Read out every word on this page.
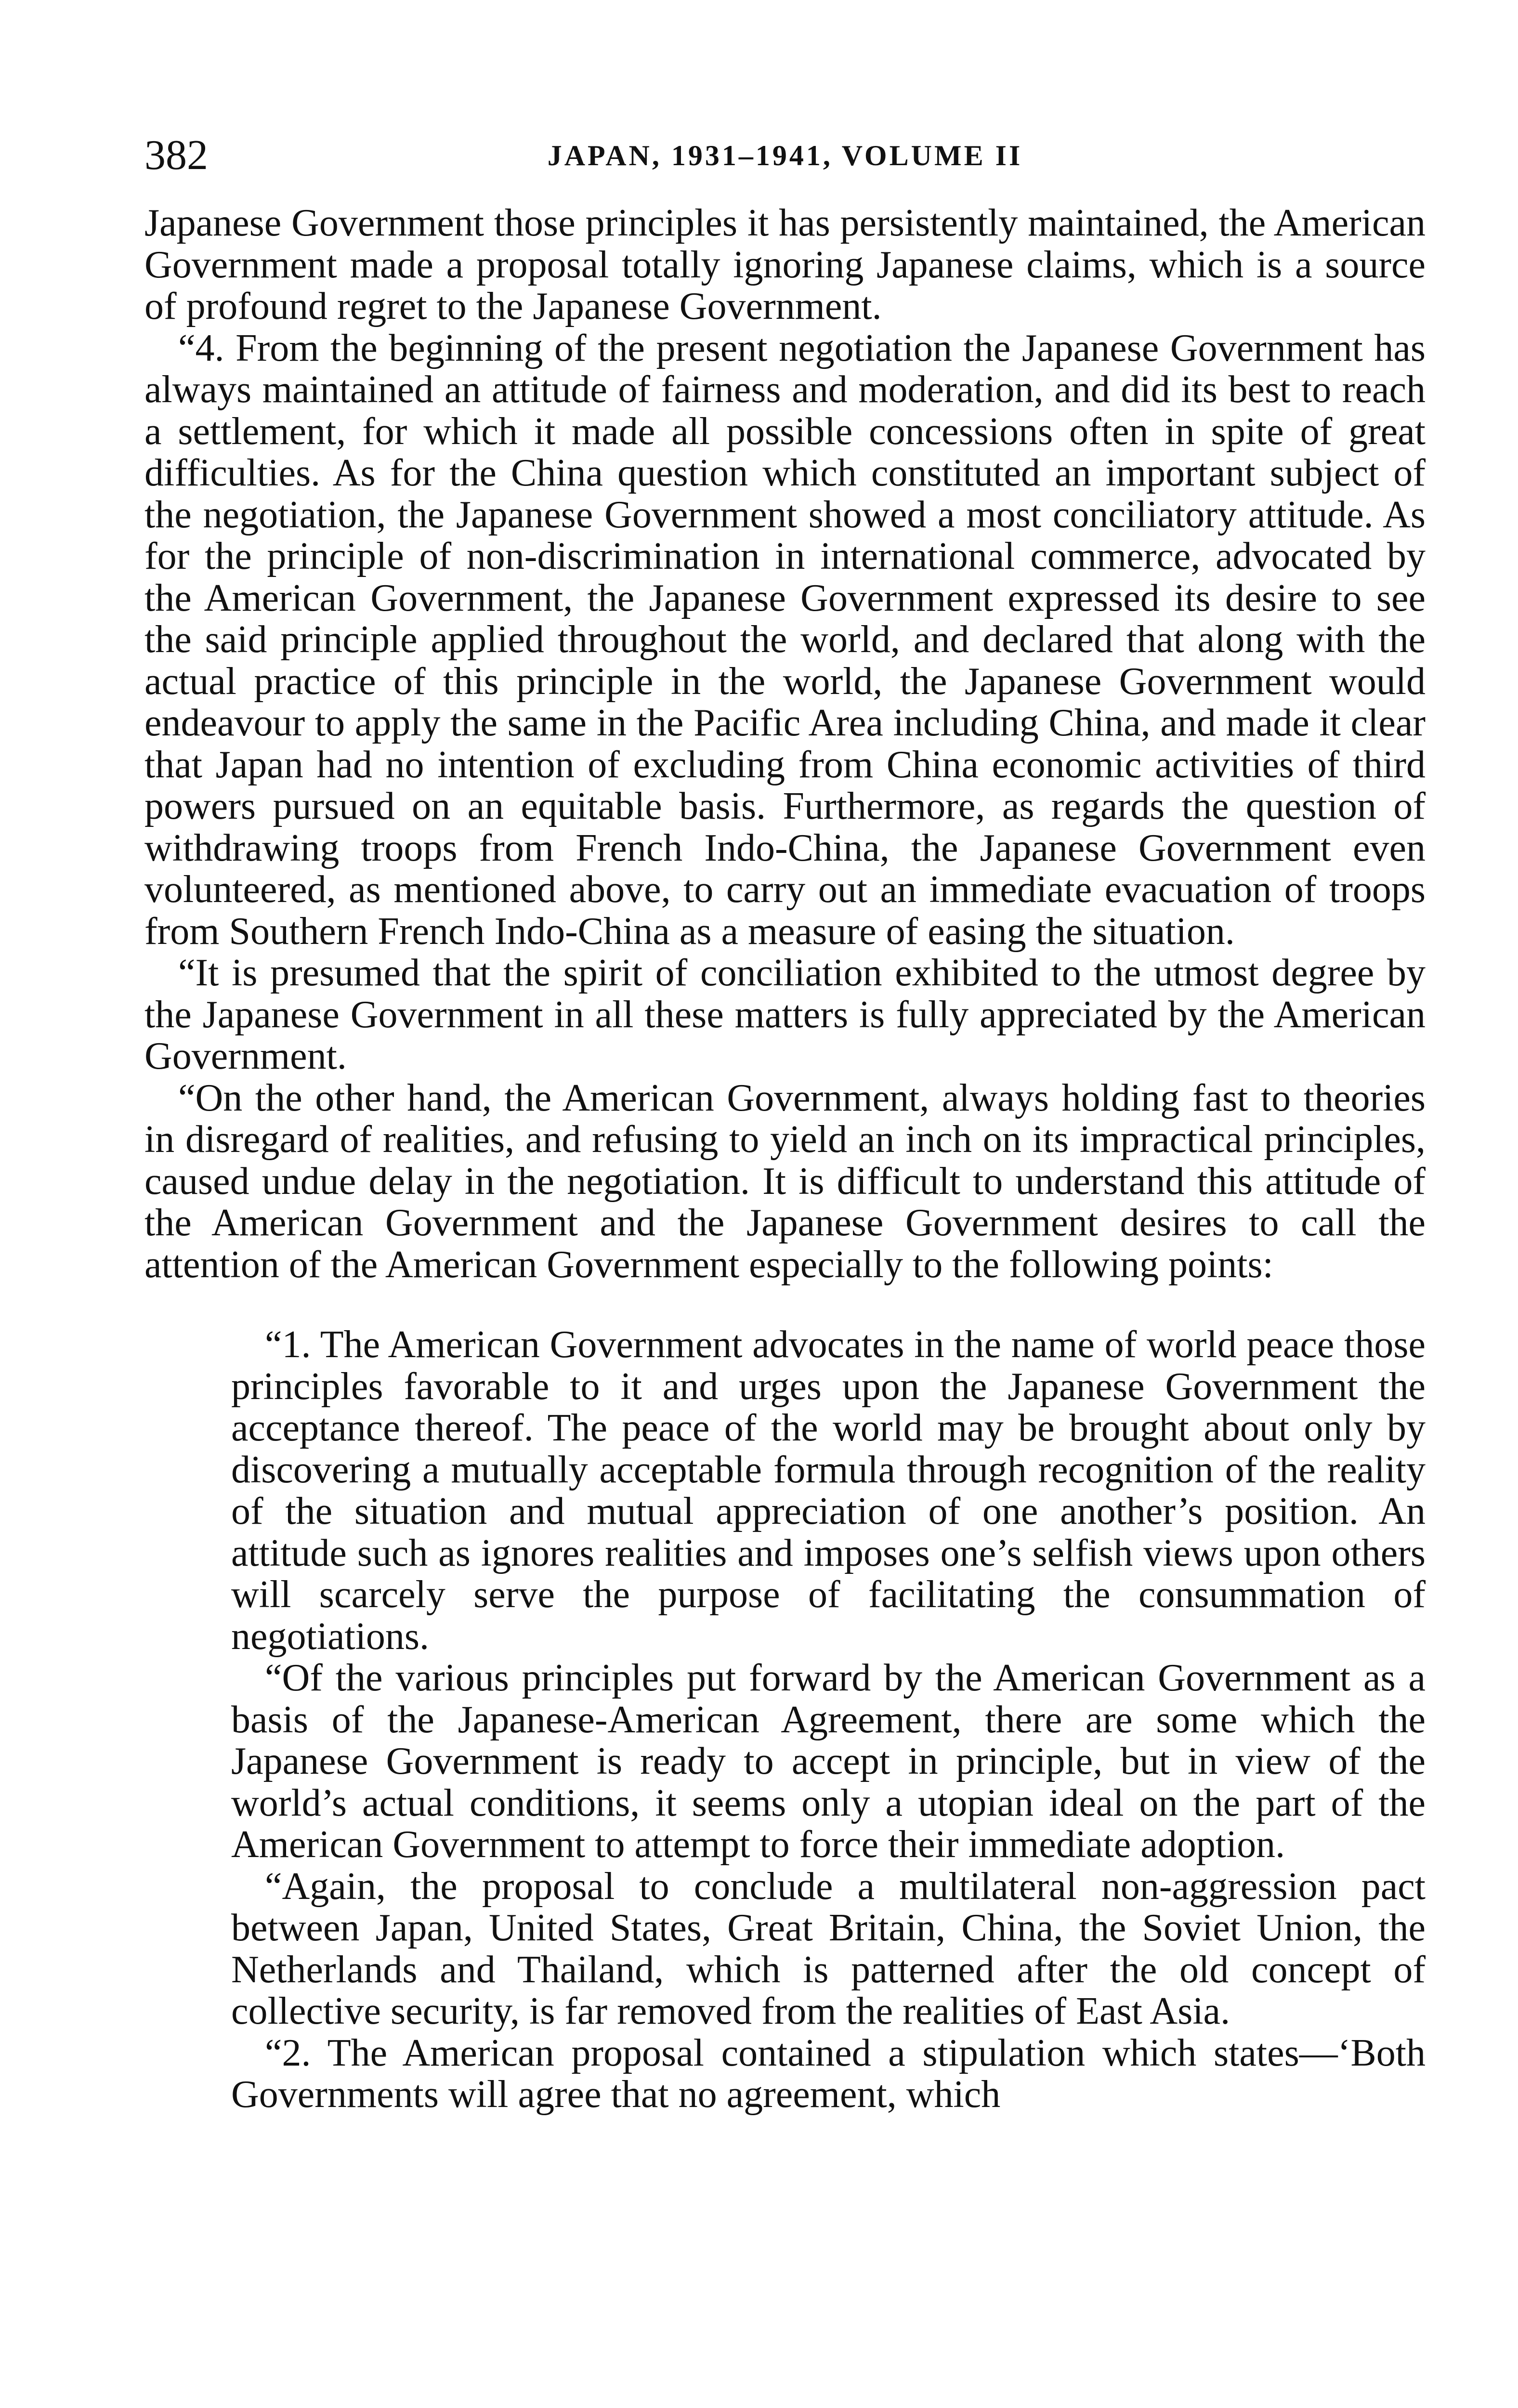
382	JAPAN, 1931–1941, VOLUME II

Japanese Government those principles it has persistently maintained, the American Government made a proposal totally ignoring Japanese claims, which is a source of profound regret to the Japanese Government.

“4. From the beginning of the present negotiation the Japanese Government has always maintained an attitude of fairness and moderation, and did its best to reach a settlement, for which it made all possible concessions often in spite of great difficulties. As for the China question which constituted an important subject of the negotiation, the Japanese Government showed a most conciliatory attitude. As for the principle of non-discrimination in international commerce, advocated by the American Government, the Japanese Government expressed its desire to see the said principle applied throughout the world, and declared that along with the actual practice of this principle in the world, the Japanese Government would endeavour to apply the same in the Pacific Area including China, and made it clear that Japan had no intention of excluding from China economic activities of third powers pursued on an equitable basis. Furthermore, as regards the question of withdrawing troops from French Indo-China, the Japanese Government even volunteered, as mentioned above, to carry out an immediate evacuation of troops from Southern French Indo-China as a measure of easing the situation.

“It is presumed that the spirit of conciliation exhibited to the utmost degree by the Japanese Government in all these matters is fully appreciated by the American Government.

“On the other hand, the American Government, always holding fast to theories in disregard of realities, and refusing to yield an inch on its impractical principles, caused undue delay in the negotiation. It is difficult to understand this attitude of the American Government and the Japanese Government desires to call the attention of the American Government especially to the following points:

“1. The American Government advocates in the name of world peace those principles favorable to it and urges upon the Japanese Government the acceptance thereof. The peace of the world may be brought about only by discovering a mutually acceptable formula through recognition of the reality of the situation and mutual appreciation of one another’s position. An attitude such as ignores realities and imposes one’s selfish views upon others will scarcely serve the purpose of facilitating the consummation of negotiations.

“Of the various principles put forward by the American Government as a basis of the Japanese-American Agreement, there are some which the Japanese Government is ready to accept in principle, but in view of the world’s actual conditions, it seems only a utopian ideal on the part of the American Government to attempt to force their immediate adoption.

“Again, the proposal to conclude a multilateral non-aggression pact between Japan, United States, Great Britain, China, the Soviet Union, the Netherlands and Thailand, which is patterned after the old concept of collective security, is far removed from the realities of East Asia.

“2. The American proposal contained a stipulation which states—‘Both Governments will agree that no agreement, which
